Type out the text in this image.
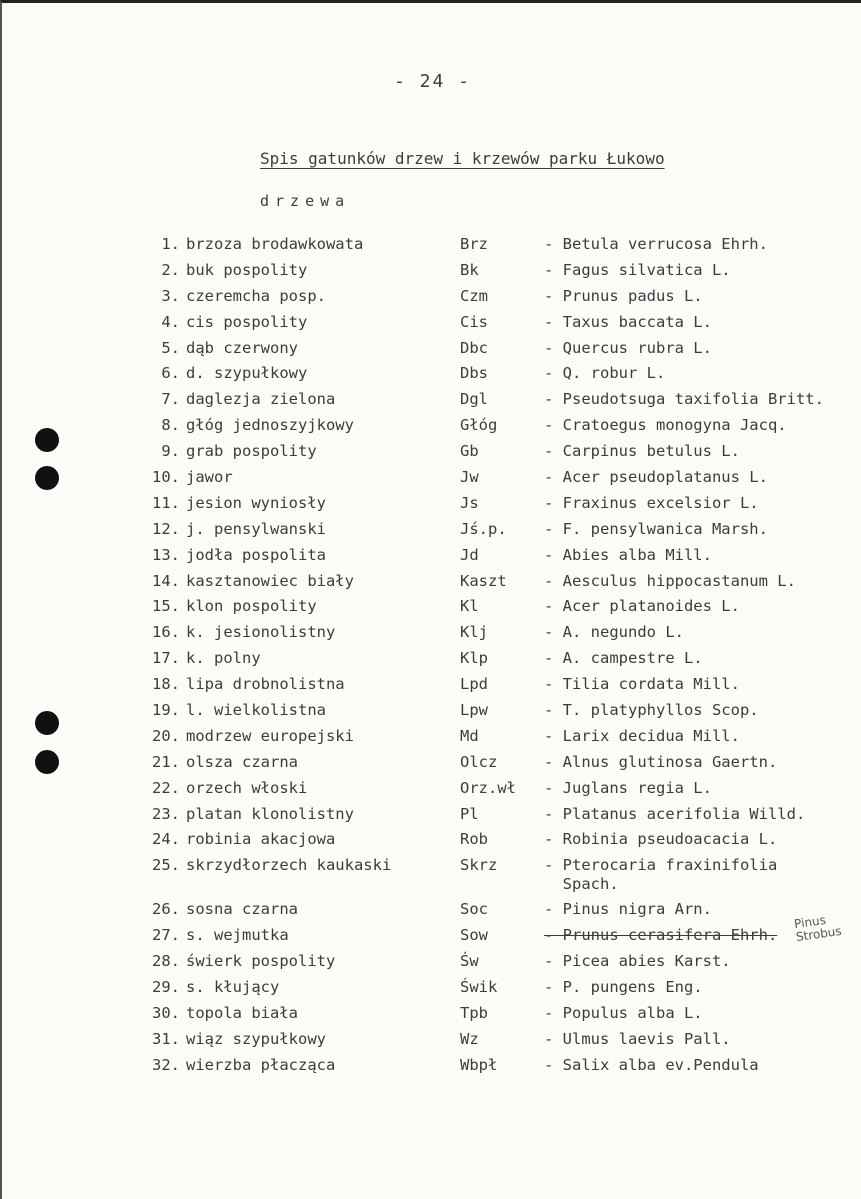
- 24 -
Spis gatunków drzew i krzewów parku Łukowo
drzewa
1. brzoza brodawkowata	Brz	- Betula verrucosa Ehrh.
2. buk pospolity	Bk	- Fagus silvatica L.
3. czeremcha posp.	Czm	- Prunus padus L.
4. cis pospolity	Cis	- Taxus baccata L.
5. dąb czerwony	Dbc	- Quercus rubra L.
6. d. szypułkowy	Dbs	- Q. robur L.
7. daglezja zielona	Dgl	- Pseudotsuga taxifolia Britt.
8. głóg jednoszyjkowy	Głóg	- Cratoegus monogyna Jacq.
9. grab pospolity	Gb	- Carpinus betulus L.
10. jawor	Jw	- Acer pseudoplatanus L.
11. jesion wyniosły	Js	- Fraxinus excelsior L.
12. j. pensylwanski	Jś.p. - F. pensylwanica Marsh.
13. jodła pospolita	Jd	- Abies alba Mill.
14. kasztanowiec biały	Kaszt - Aesculus hippocastanum L.
15. klon pospolity	Kl	- Acer platanoides L.
16. k. jesionolistny	Klj	- A. negundo L.
17. k. polny	Klp	- A. campestre L.
18. lipa drobnolistna	Lpd	- Tilia cordata Mill.
19. l. wielkolistna	Lpw	- T. platyphyllos Scop.
20. modrzew europejski	Md	- Larix decidua Mill.
21. olsza czarna	Olcz	- Alnus glutinosa Gaertn.
22. orzech włoski	Orz.wł - Juglans regia L.
23. platan klonolistny	Pl	- Platanus acerifolia Willd.
24. robinia akacjowa	Rob	- Robinia pseudoacacia L.
25. skrzydłorzech kaukaski	Skrz	- Pterocaria fraxinifolia
Spach.
26. sosna czarna	Soc	- Pinus nigra Arn.
27. s. wejmutka	Sow	- Prunus cerasifera Ehrh.
28. świerk pospolity	Św	- Picea abies Karst.
29. s. kłujący	Świk	- P. pungens Eng.
30. topola biała	Tpb	- Populus alba L.
31. wiąz szypułkowy	Wz	- Ulmus laevis Pall.
32. wierzba płacząca	Wbpł	- Salix alba ev.Pendula
Pinus
Strobus
